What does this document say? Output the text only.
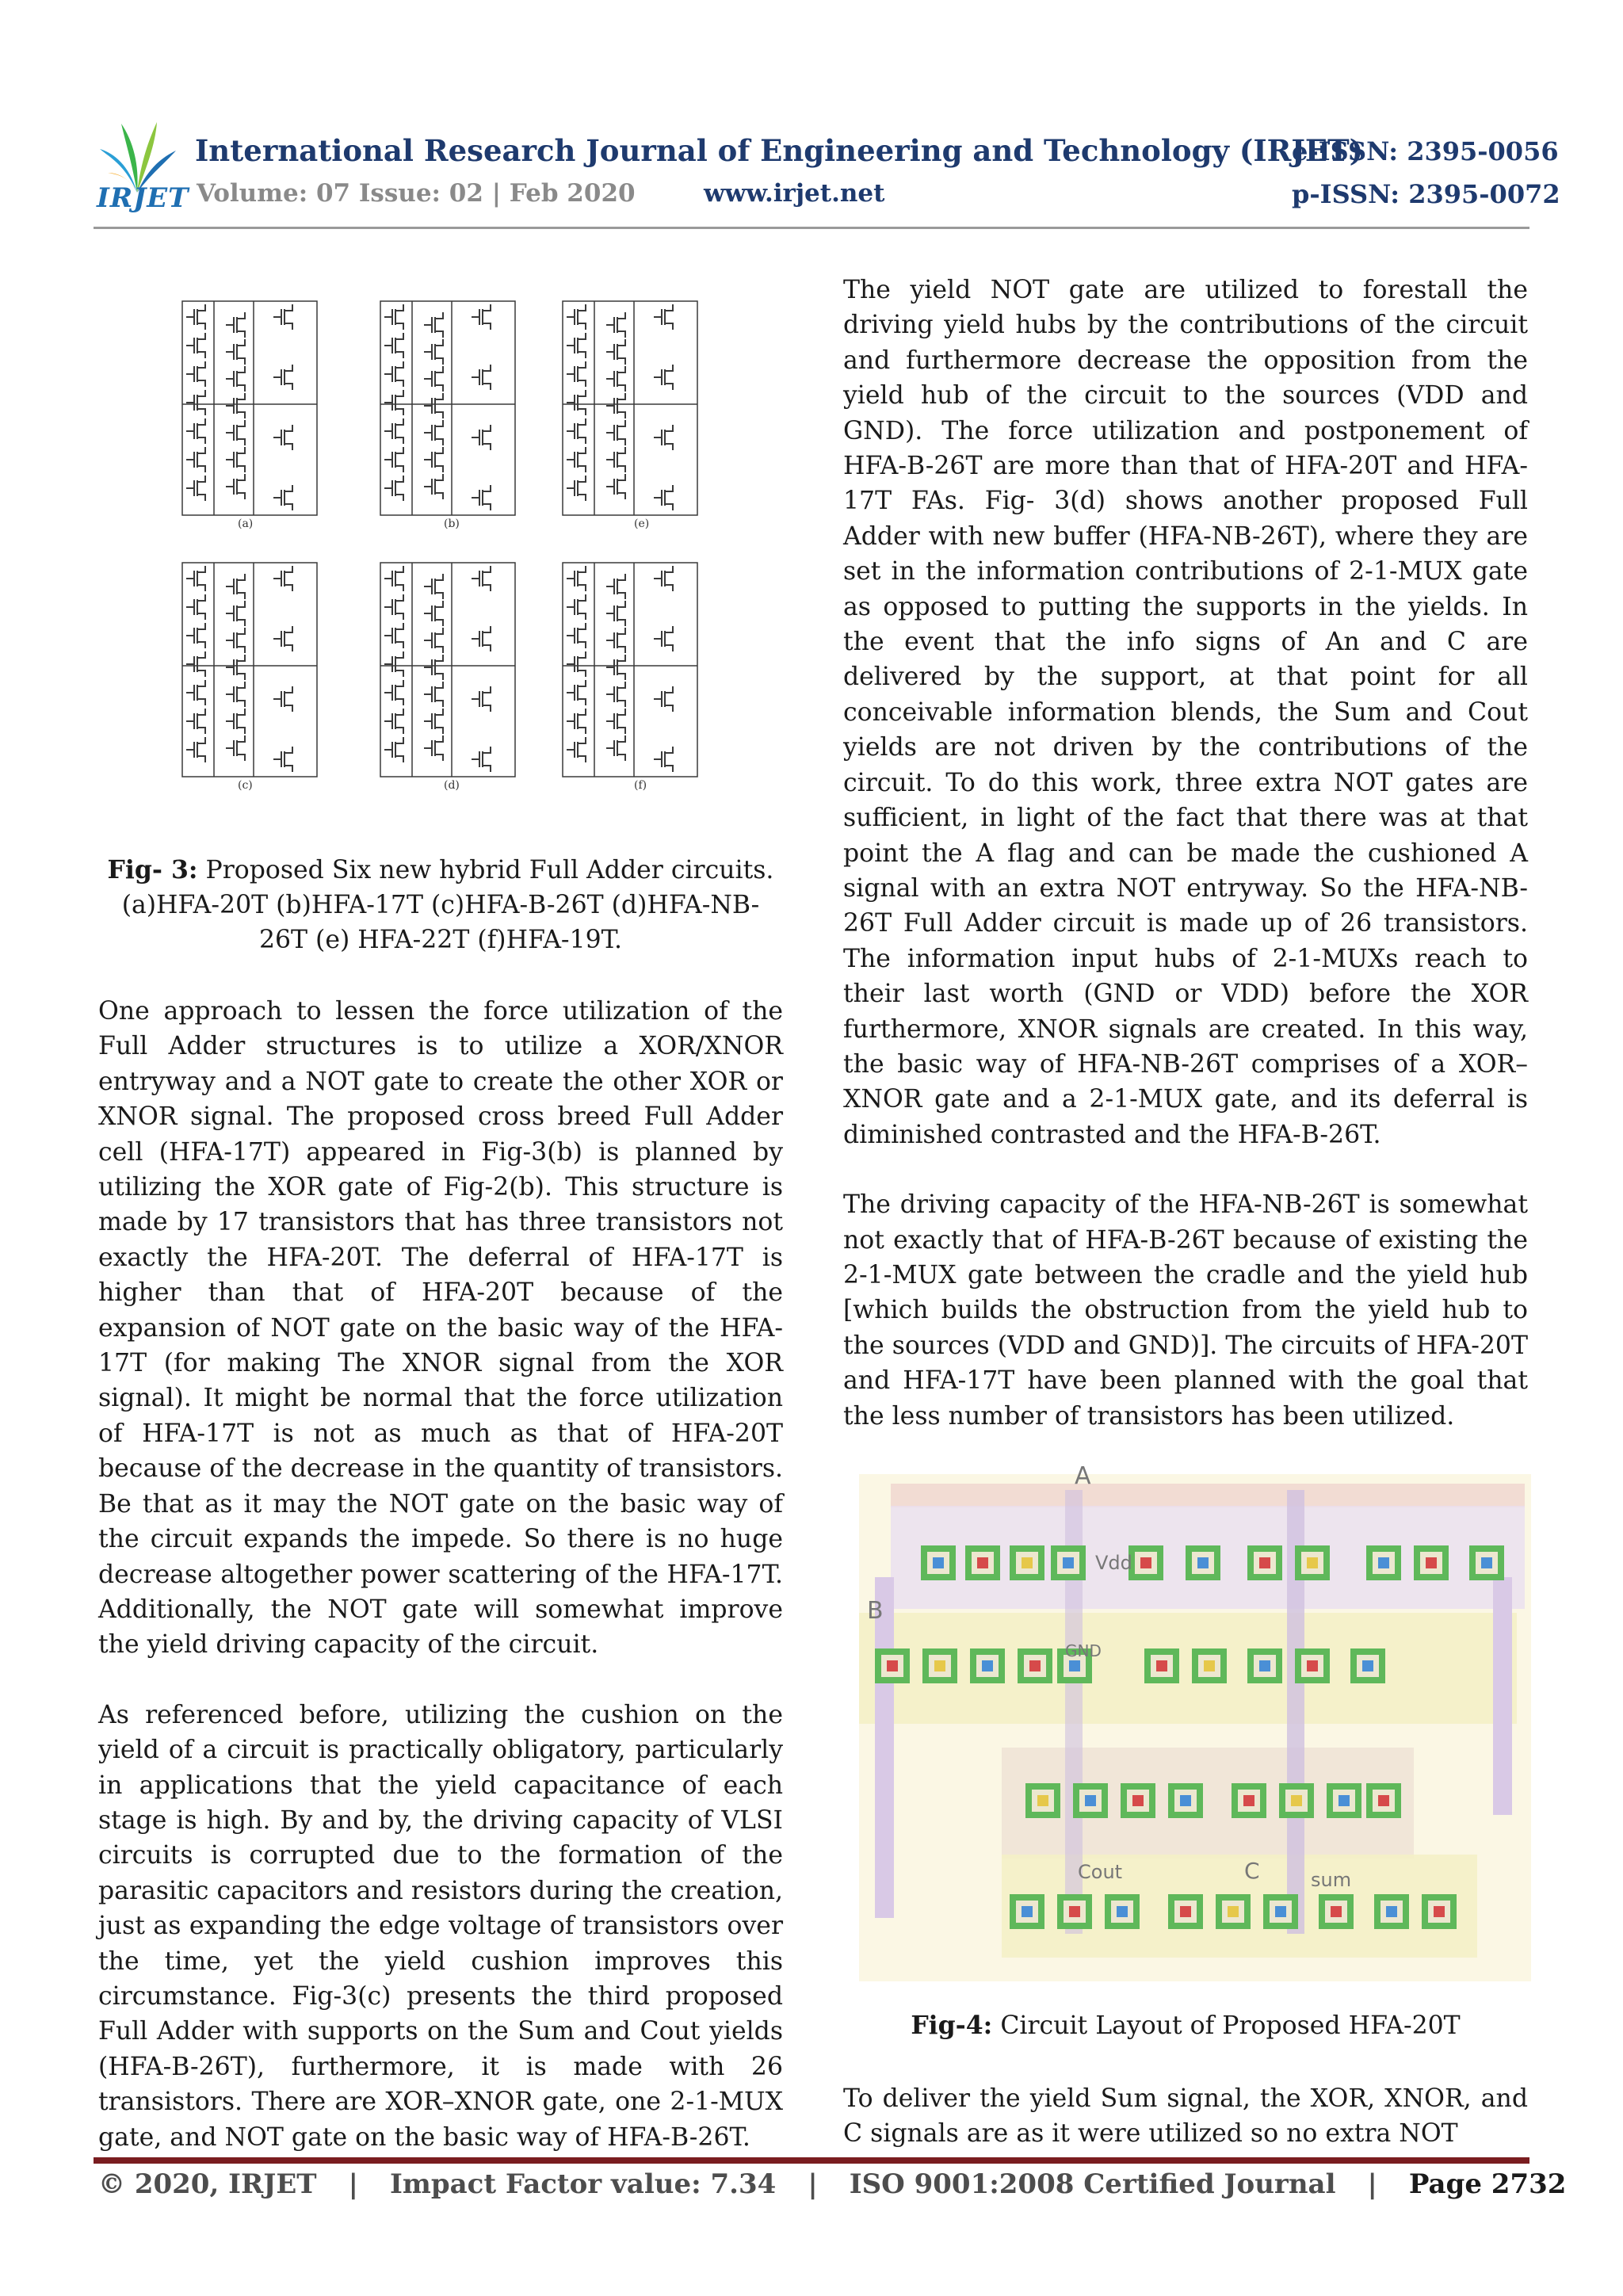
IRJET
International Research Journal of Engineering and Technology (IRJET)
Volume: 07 Issue: 02 | Feb 2020	www.irjet.net
e-ISSN: 2395-0056
p-ISSN: 2395-0072
(a)	(b)	(e)
(c)	(d)	(f)
Fig- 3: Proposed Six new hybrid Full Adder circuits. (a)HFA-20T (b)HFA-17T (c)HFA-B-26T (d)HFA-NB-26T (e) HFA-22T (f)HFA-19T.

One approach to lessen the force utilization of the Full Adder structures is to utilize a XOR/XNOR entryway and a NOT gate to create the other XOR or XNOR signal. The proposed cross breed Full Adder cell (HFA-17T) appeared in Fig-3(b) is planned by utilizing the XOR gate of Fig-2(b). This structure is made by 17 transistors that has three transistors not exactly the HFA-20T. The deferral of HFA-17T is higher than that of HFA-20T because of the expansion of NOT gate on the basic way of the HFA-17T (for making The XNOR signal from the XOR signal). It might be normal that the force utilization of HFA-17T is not as much as that of HFA-20T because of the decrease in the quantity of transistors. Be that as it may the NOT gate on the basic way of the circuit expands the impede. So there is no huge decrease altogether power scattering of the HFA-17T. Additionally, the NOT gate will somewhat improve the yield driving capacity of the circuit.

As referenced before, utilizing the cushion on the yield of a circuit is practically obligatory, particularly in applications that the yield capacitance of each stage is high. By and by, the driving capacity of VLSI circuits is corrupted due to the formation of the parasitic capacitors and resistors during the creation, just as expanding the edge voltage of transistors over the time, yet the yield cushion improves this circumstance. Fig-3(c) presents the third proposed Full Adder with supports on the Sum and Cout yields (HFA-B-26T), furthermore, it is made with 26 transistors. There are XOR–XNOR gate, one 2-1-MUX gate, and NOT gate on the basic way of HFA-B-26T.

The yield NOT gate are utilized to forestall the driving yield hubs by the contributions of the circuit and furthermore decrease the opposition from the yield hub of the circuit to the sources (VDD and GND). The force utilization and postponement of HFA-B-26T are more than that of HFA-20T and HFA-17T FAs. Fig- 3(d) shows another proposed Full Adder with new buffer (HFA-NB-26T), where they are set in the information contributions of 2-1-MUX gate as opposed to putting the supports in the yields. In the event that the info signs of An and C are delivered by the support, at that point for all conceivable information blends, the Sum and Cout yields are not driven by the contributions of the circuit. To do this work, three extra NOT gates are sufficient, in light of the fact that there was at that point the A flag and can be made the cushioned A signal with an extra NOT entryway. So the HFA-NB-26T Full Adder circuit is made up of 26 transistors. The information input hubs of 2-1-MUXs reach to their last worth (GND or VDD) before the XOR furthermore, XNOR signals are created. In this way, the basic way of HFA-NB-26T comprises of a XOR–XNOR gate and a 2-1-MUX gate, and its deferral is diminished contrasted and the HFA-B-26T.

The driving capacity of the HFA-NB-26T is somewhat not exactly that of HFA-B-26T because of existing the 2-1-MUX gate between the cradle and the yield hub [which builds the obstruction from the yield hub to the sources (VDD and GND)]. The circuits of HFA-20T and HFA-17T have been planned with the goal that the less number of transistors has been utilized.

A
B
Vdd
GND
Cout	C	sum
Fig-4: Circuit Layout of Proposed HFA-20T

To deliver the yield Sum signal, the XOR, XNOR, and C signals are as it were utilized so no extra NOT

© 2020, IRJET | Impact Factor value: 7.34 | ISO 9001:2008 Certified Journal | Page 2732
